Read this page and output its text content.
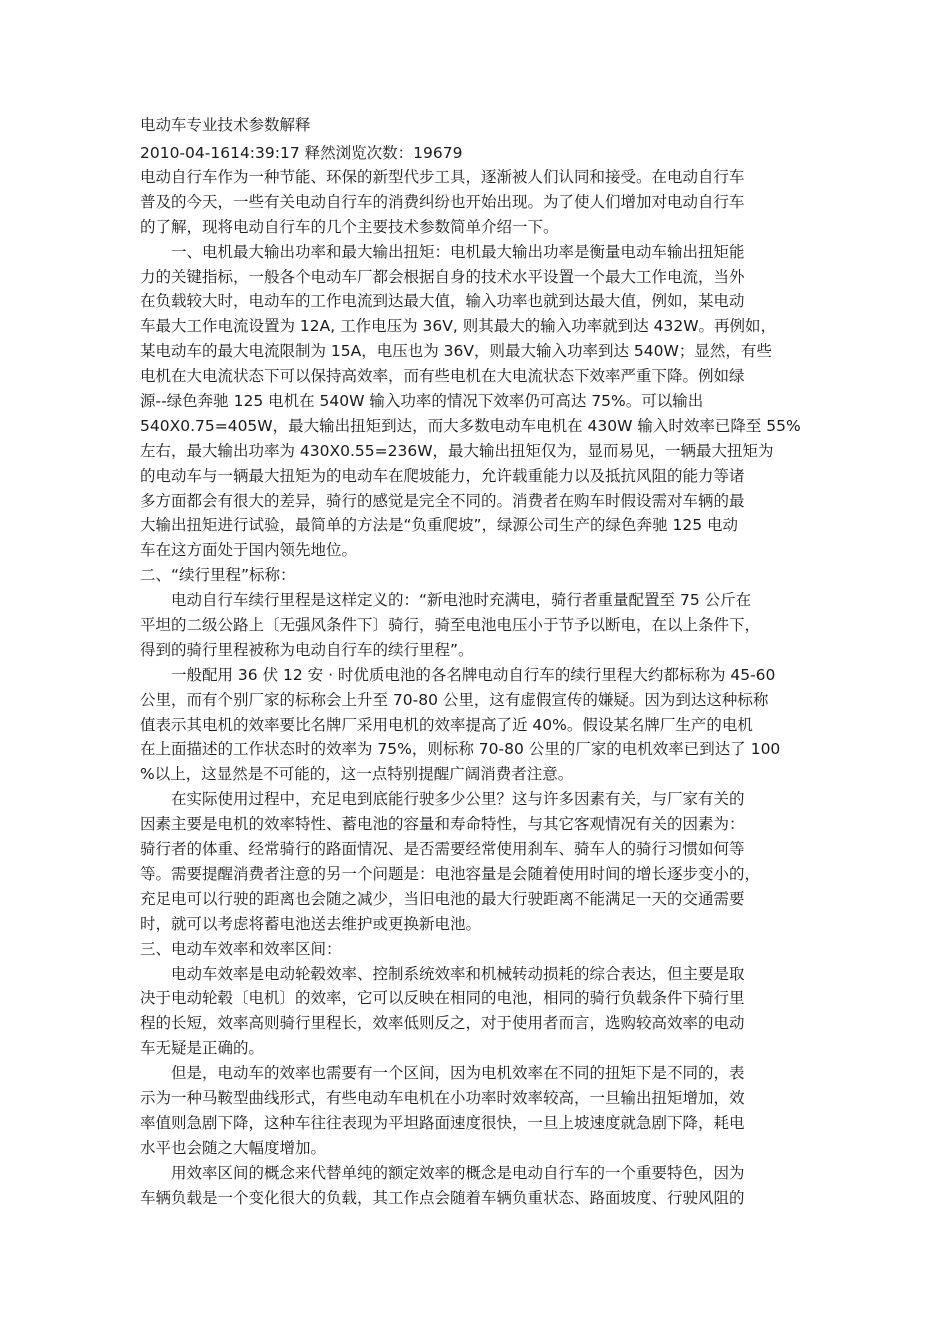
电动车专业技术参数解释
2010-04-1614:39:17 释然浏览次数：19679
电动自行车作为一种节能、环保的新型代步工具，逐渐被人们认同和接受。在电动自行车
普及的今天，一些有关电动自行车的消费纠纷也开始出现。为了使人们增加对电动自行车
的了解，现将电动自行车的几个主要技术参数简单介绍一下。
　　一、电机最大输出功率和最大输出扭矩：电机最大输出功率是衡量电动车输出扭矩能
力的关键指标，一般各个电动车厂都会根据自身的技术水平设置一个最大工作电流，当外
在负载较大时，电动车的工作电流到达最大值，输入功率也就到达最大值，例如，某电动
车最大工作电流设置为 12A, 工作电压为 36V, 则其最大的输入功率就到达 432W。再例如，
某电动车的最大电流限制为 15A，电压也为 36V，则最大输入功率到达 540W；显然，有些
电机在大电流状态下可以保持高效率，而有些电机在大电流状态下效率严重下降。例如绿
源--绿色奔驰 125 电机在 540W 输入功率的情况下效率仍可高达 75%。可以输出
540X0.75=405W，最大输出扭矩到达，而大多数电动车电机在 430W 输入时效率已降至 55%
左右，最大输出功率为 430X0.55=236W，最大输出扭矩仅为，显而易见，一辆最大扭矩为
的电动车与一辆最大扭矩为的电动车在爬坡能力，允许载重能力以及抵抗风阻的能力等诸
多方面都会有很大的差异，骑行的感觉是完全不同的。消费者在购车时假设需对车辆的最
大输出扭矩进行试验，最简单的方法是“负重爬坡”，绿源公司生产的绿色奔驰 125 电动
车在这方面处于国内领先地位。
二、“续行里程”标称：
　　电动自行车续行里程是这样定义的：“新电池时充满电，骑行者重量配置至 75 公斤在
平坦的二级公路上〔无强风条件下〕骑行，骑至电池电压小于节予以断电，在以上条件下，
得到的骑行里程被称为电动自行车的续行里程”。
　　一般配用 36 伏 12 安 · 时优质电池的各名牌电动自行车的续行里程大约都标称为 45-60
公里，而有个别厂家的标称会上升至 70-80 公里，这有虚假宣传的嫌疑。因为到达这种标称
值表示其电机的效率要比名牌厂采用电机的效率提高了近 40%。假设某名牌厂生产的电机
在上面描述的工作状态时的效率为 75%，则标称 70-80 公里的厂家的电机效率已到达了 100
%以上，这显然是不可能的，这一点特别提醒广阔消费者注意。
　　在实际使用过程中，充足电到底能行驶多少公里？这与许多因素有关，与厂家有关的
因素主要是电机的效率特性、蓄电池的容量和寿命特性，与其它客观情况有关的因素为：
骑行者的体重、经常骑行的路面情况、是否需要经常使用刹车、骑车人的骑行习惯如何等
等。需要提醒消费者注意的另一个问题是：电池容量是会随着使用时间的增长逐步变小的，
充足电可以行驶的距离也会随之减少，当旧电池的最大行驶距离不能满足一天的交通需要
时，就可以考虑将蓄电池送去维护或更换新电池。
三、电动车效率和效率区间：
　　电动车效率是电动轮毂效率、控制系统效率和机械转动损耗的综合表达，但主要是取
决于电动轮毂〔电机〕的效率，它可以反映在相同的电池，相同的骑行负载条件下骑行里
程的长短，效率高则骑行里程长，效率低则反之，对于使用者而言，选购较高效率的电动
车无疑是正确的。
　　但是，电动车的效率也需要有一个区间，因为电机效率在不同的扭矩下是不同的，表
示为一种马鞍型曲线形式，有些电动车电机在小功率时效率较高，一旦输出扭矩增加，效
率值则急剧下降，这种车往往表现为平坦路面速度很快，一旦上坡速度就急剧下降，耗电
水平也会随之大幅度增加。
　　用效率区间的概念来代替单纯的额定效率的概念是电动自行车的一个重要特色，因为
车辆负载是一个变化很大的负载，其工作点会随着车辆负重状态、路面坡度、行驶风阻的
